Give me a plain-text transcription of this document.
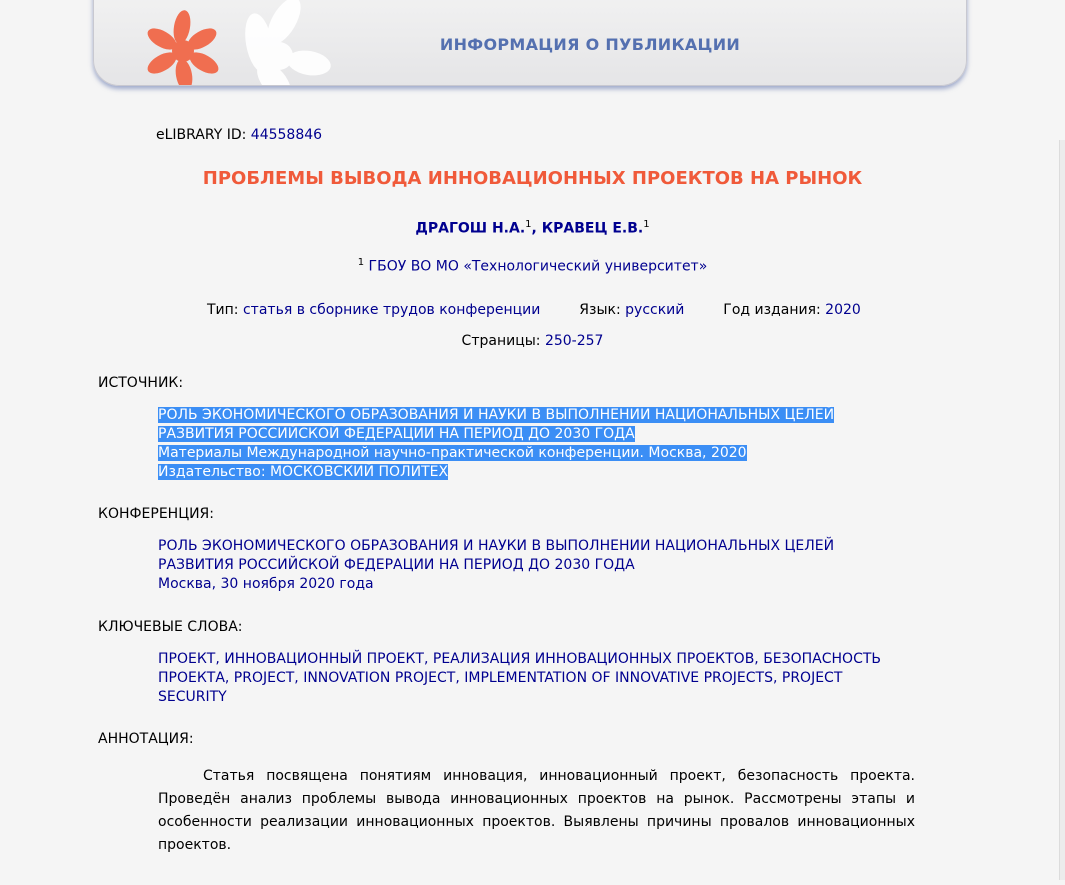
ИНФОРМАЦИЯ О ПУБЛИКАЦИИ
eLIBRARY ID: 44558846
ПРОБЛЕМЫ ВЫВОДА ИННОВАЦИОННЫХ ПРОЕКТОВ НА РЫНОК
ДРАГОШ Н.А.$^1$, КРАВЕЦ Е.В.$^1$
$^1$ ГБОУ ВО МО «Технологический университет»
Тип: статья в сборнике трудов конференции	Язык: русский	Год издания: 2020
Страницы: 250-257
ИСТОЧНИК:
РОЛЬ ЭКОНОМИЧЕСКОГО ОБРАЗОВАНИЯ И НАУКИ В ВЫПОЛНЕНИИ НАЦИОНАЛЬНЫХ ЦЕЛЕЙ
РАЗВИТИЯ РОССИЙСКОЙ ФЕДЕРАЦИИ НА ПЕРИОД ДО 2030 ГОДА
Материалы Международной научно-практической конференции. Москва, 2020
Издательство: МОСКОВСКИЙ ПОЛИТЕХ
КОНФЕРЕНЦИЯ:
РОЛЬ ЭКОНОМИЧЕСКОГО ОБРАЗОВАНИЯ И НАУКИ В ВЫПОЛНЕНИИ НАЦИОНАЛЬНЫХ ЦЕЛЕЙ
РАЗВИТИЯ РОССИЙСКОЙ ФЕДЕРАЦИИ НА ПЕРИОД ДО 2030 ГОДА
Москва, 30 ноября 2020 года
КЛЮЧЕВЫЕ СЛОВА:
ПРОЕКТ, ИННОВАЦИОННЫЙ ПРОЕКТ, РЕАЛИЗАЦИЯ ИННОВАЦИОННЫХ ПРОЕКТОВ, БЕЗОПАСНОСТЬ
ПРОЕКТА, PROJECT, INNOVATION PROJECT, IMPLEMENTATION OF INNOVATIVE PROJECTS, PROJECT
SECURITY
АННОТАЦИЯ:
Статья посвящена понятиям инновация, инновационный проект, безопасность проекта. Проведён анализ проблемы вывода инновационных проектов на рынок. Рассмотрены этапы и особенности реализации инновационных проектов. Выявлены причины провалов инновационных проектов.
